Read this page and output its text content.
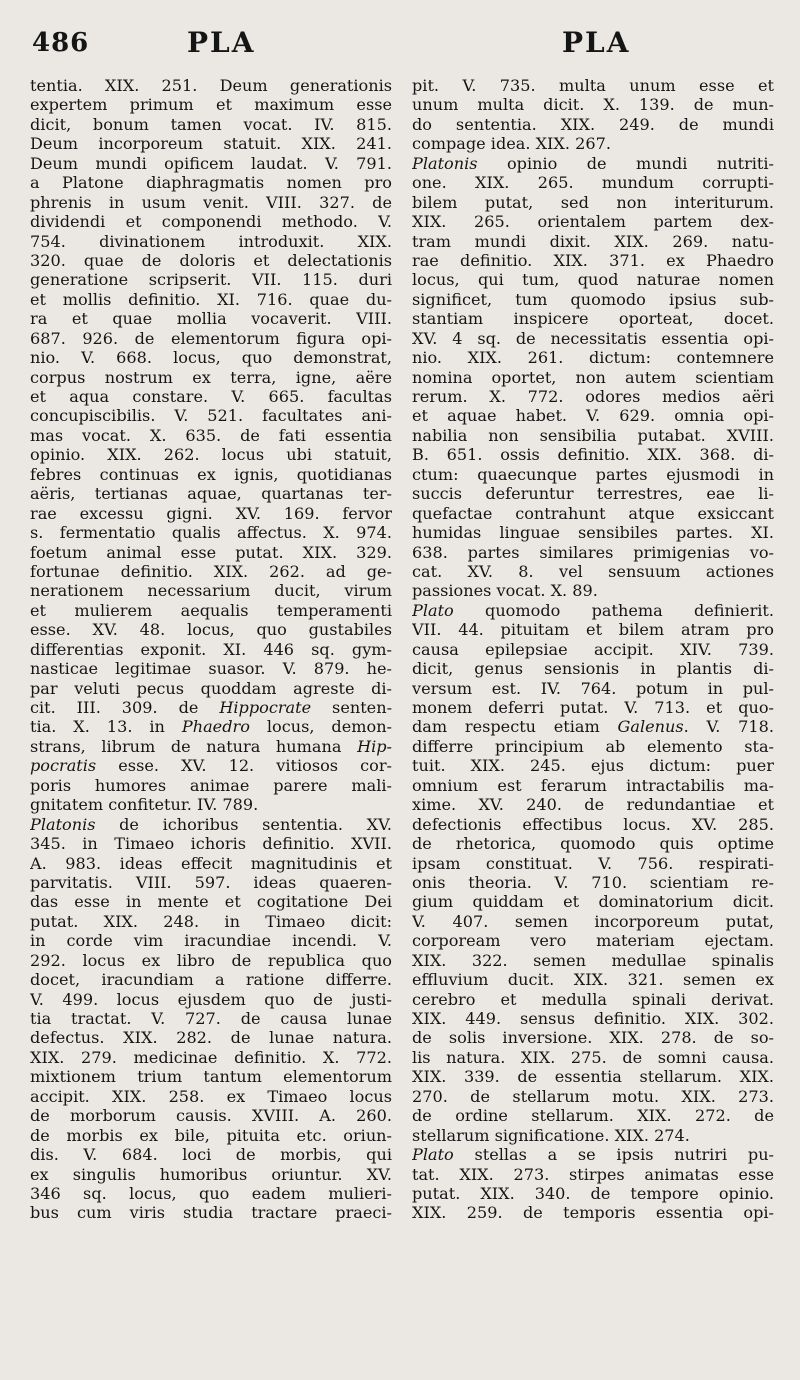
486	PLA	PLA
tentia. XIX. 251. Deum generationis
expertem primum et maximum esse
dicit, bonum tamen vocat. IV. 815.
Deum incorporeum statuit. XIX. 241.
Deum mundi opificem laudat. V. 791.
a Platone diaphragmatis nomen pro
phrenis in usum venit. VIII. 327. de
dividendi et componendi methodo. V.
754. divinationem introduxit. XIX.
320. quae de doloris et delectationis
generatione scripserit. VII. 115. duri
et mollis definitio. XI. 716. quae du-
ra et quae mollia vocaverit. VIII.
687. 926. de elementorum figura opi-
nio. V. 668. locus, quo demonstrat,
corpus nostrum ex terra, igne, aëre
et aqua constare. V. 665. facultas
concupiscibilis. V. 521. facultates ani-
mas vocat. X. 635. de fati essentia
opinio. XIX. 262. locus ubi statuit,
febres continuas ex ignis, quotidianas
aëris, tertianas aquae, quartanas ter-
rae excessu gigni. XV. 169. fervor
s. fermentatio qualis affectus. X. 974.
foetum animal esse putat. XIX. 329.
fortunae definitio. XIX. 262. ad ge-
nerationem necessarium ducit, virum
et mulierem aequalis temperamenti
esse. XV. 48. locus, quo gustabiles
differentias exponit. XI. 446 sq. gym-
nasticae legitimae suasor. V. 879. he-
par veluti pecus quoddam agreste di-
cit. III. 309. de Hippocrate senten-
tia. X. 13. in Phaedro locus, demon-
strans, librum de natura humana Hip-
pocratis esse. XV. 12. vitiosos cor-
poris humores animae parere mali-
gnitatem confitetur. IV. 789.
Platonis de ichoribus sententia. XV.
345. in Timaeo ichoris definitio. XVII.
A. 983. ideas effecit magnitudinis et
parvitatis. VIII. 597. ideas quaeren-
das esse in mente et cogitatione Dei
putat. XIX. 248. in Timaeo dicit:
in corde vim iracundiae incendi. V.
292. locus ex libro de republica quo
docet, iracundiam a ratione differre.
V. 499. locus ejusdem quo de justi-
tia tractat. V. 727. de causa lunae
defectus. XIX. 282. de lunae natura.
XIX. 279. medicinae definitio. X. 772.
mixtionem trium tantum elementorum
accipit. XIX. 258. ex Timaeo locus
de morborum causis. XVIII. A. 260.
de morbis ex bile, pituita etc. oriun-
dis. V. 684. loci de morbis, qui
ex singulis humoribus oriuntur. XV.
346 sq. locus, quo eadem mulieri-
bus cum viris studia tractare praeci-
pit. V. 735. multa unum esse et
unum multa dicit. X. 139. de mun-
do sententia. XIX. 249. de mundi
compage idea. XIX. 267.
Platonis opinio de mundi nutriti-
one. XIX. 265. mundum corrupti-
bilem putat, sed non interiturum.
XIX. 265. orientalem partem dex-
tram mundi dixit. XIX. 269. natu-
rae definitio. XIX. 371. ex Phaedro
locus, qui tum, quod naturae nomen
significet, tum quomodo ipsius sub-
stantiam inspicere oporteat, docet.
XV. 4 sq. de necessitatis essentia opi-
nio. XIX. 261. dictum: contemnere
nomina oportet, non autem scientiam
rerum. X. 772. odores medios aëri
et aquae habet. V. 629. omnia opi-
nabilia non sensibilia putabat. XVIII.
B. 651. ossis definitio. XIX. 368. di-
ctum: quaecunque partes ejusmodi in
succis deferuntur terrestres, eae li-
quefactae contrahunt atque exsiccant
humidas linguae sensibiles partes. XI.
638. partes similares primigenias vo-
cat. XV. 8. vel sensuum actiones
passiones vocat. X. 89.
Plato quomodo pathema definierit.
VII. 44. pituitam et bilem atram pro
causa epilepsiae accipit. XIV. 739.
dicit, genus sensionis in plantis di-
versum est. IV. 764. potum in pul-
monem deferri putat. V. 713. et quo-
dam respectu etiam Galenus. V. 718.
differre principium ab elemento sta-
tuit. XIX. 245. ejus dictum: puer
omnium est ferarum intractabilis ma-
xime. XV. 240. de redundantiae et
defectionis effectibus locus. XV. 285.
de rhetorica, quomodo quis optime
ipsam constituat. V. 756. respirati-
onis theoria. V. 710. scientiam re-
gium quiddam et dominatorium dicit.
V. 407. semen incorporeum putat,
corpoream vero materiam ejectam.
XIX. 322. semen medullae spinalis
effluvium ducit. XIX. 321. semen ex
cerebro et medulla spinali derivat.
XIX. 449. sensus definitio. XIX. 302.
de solis inversione. XIX. 278. de so-
lis natura. XIX. 275. de somni causa.
XIX. 339. de essentia stellarum. XIX.
270. de stellarum motu. XIX. 273.
de ordine stellarum. XIX. 272. de
stellarum significatione. XIX. 274.
Plato stellas a se ipsis nutriri pu-
tat. XIX. 273. stirpes animatas esse
putat. XIX. 340. de tempore opinio.
XIX. 259. de temporis essentia opi-
